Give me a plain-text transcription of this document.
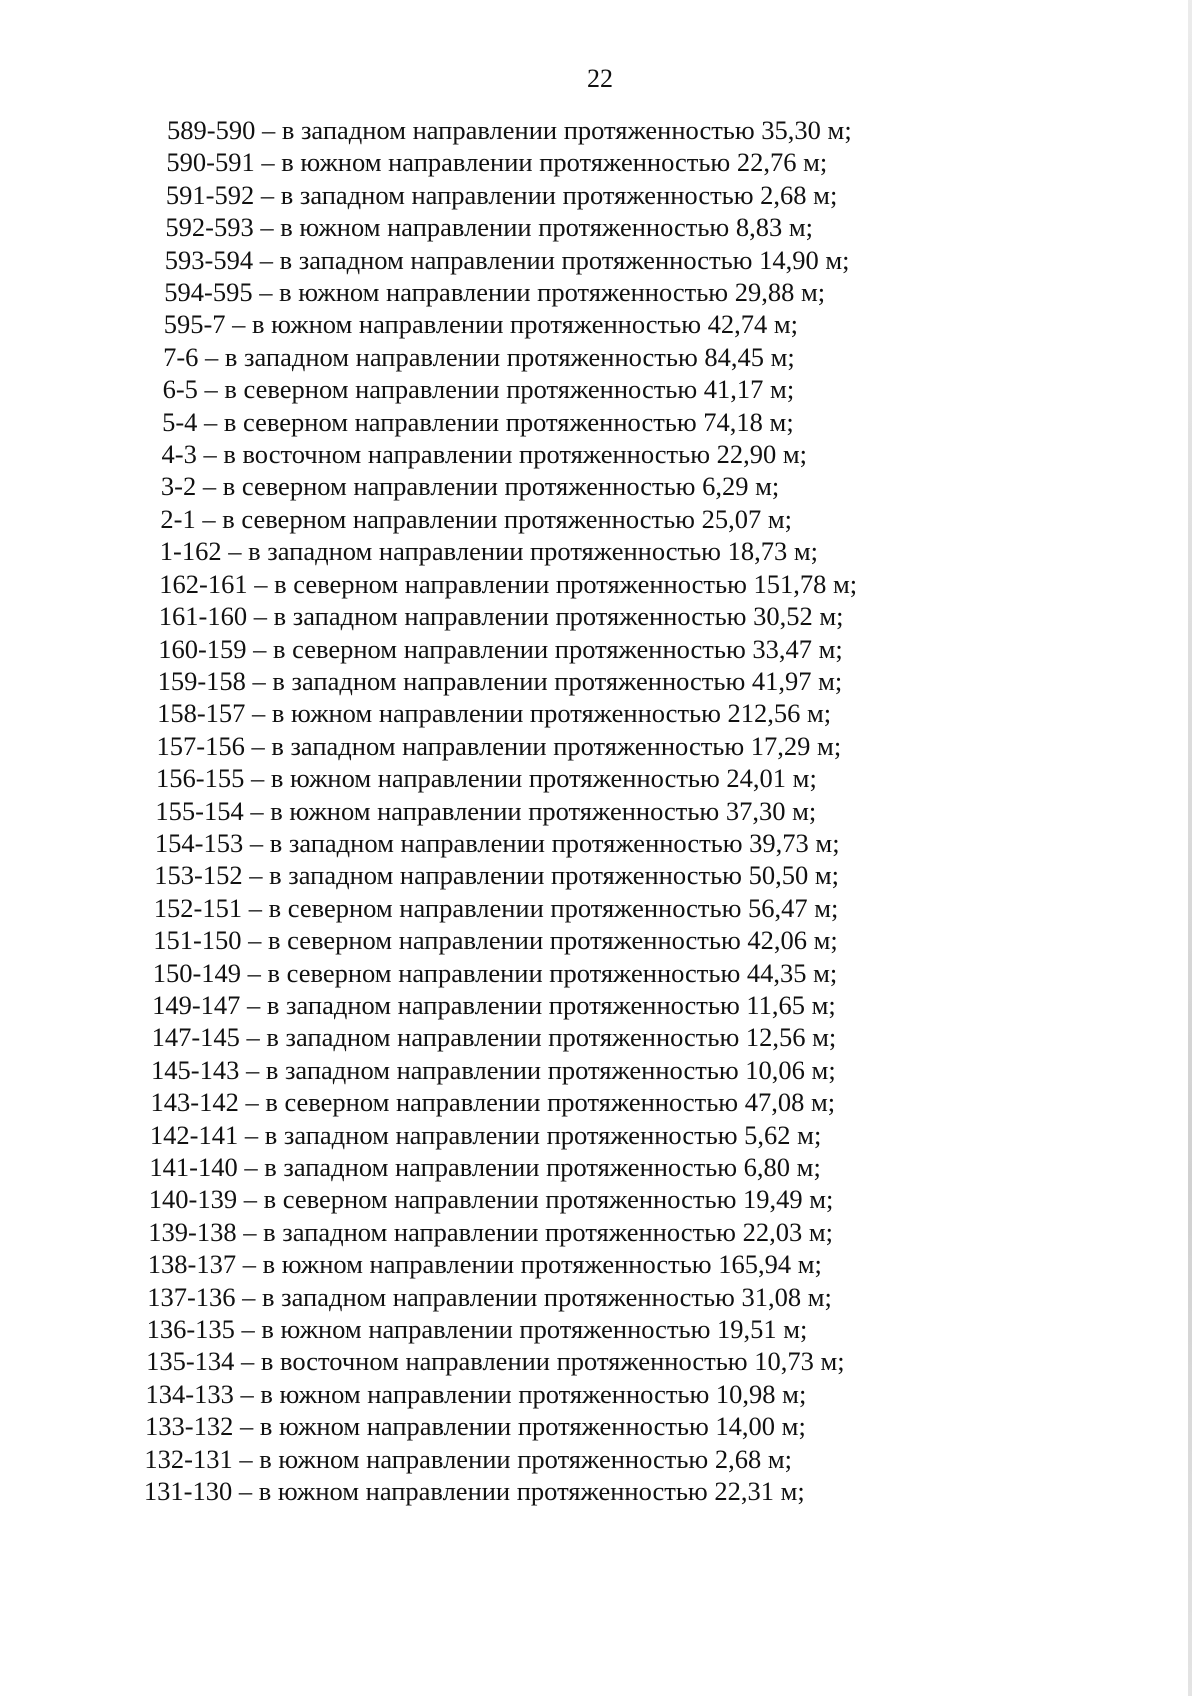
22
589-590 – в западном направлении протяженностью 35,30 м;
590-591 – в южном направлении протяженностью 22,76 м;
591-592 – в западном направлении протяженностью 2,68 м;
592-593 – в южном направлении протяженностью 8,83 м;
593-594 – в западном направлении протяженностью 14,90 м;
594-595 – в южном направлении протяженностью 29,88 м;
595-7 – в южном направлении протяженностью 42,74 м;
7-6 – в западном направлении протяженностью 84,45 м;
6-5 – в северном направлении протяженностью 41,17 м;
5-4 – в северном направлении протяженностью 74,18 м;
4-3 – в восточном направлении протяженностью 22,90 м;
3-2 – в северном направлении протяженностью 6,29 м;
2-1 – в северном направлении протяженностью 25,07 м;
1-162 – в западном направлении протяженностью 18,73 м;
162-161 – в северном направлении протяженностью 151,78 м;
161-160 – в западном направлении протяженностью 30,52 м;
160-159 – в северном направлении протяженностью 33,47 м;
159-158 – в западном направлении протяженностью 41,97 м;
158-157 – в южном направлении протяженностью 212,56 м;
157-156 – в западном направлении протяженностью 17,29 м;
156-155 – в южном направлении протяженностью 24,01 м;
155-154 – в южном направлении протяженностью 37,30 м;
154-153 – в западном направлении протяженностью 39,73 м;
153-152 – в западном направлении протяженностью 50,50 м;
152-151 – в северном направлении протяженностью 56,47 м;
151-150 – в северном направлении протяженностью 42,06 м;
150-149 – в северном направлении протяженностью 44,35 м;
149-147 – в западном направлении протяженностью 11,65 м;
147-145 – в западном направлении протяженностью 12,56 м;
145-143 – в западном направлении протяженностью 10,06 м;
143-142 – в северном направлении протяженностью 47,08 м;
142-141 – в западном направлении протяженностью 5,62 м;
141-140 – в западном направлении протяженностью 6,80 м;
140-139 – в северном направлении протяженностью 19,49 м;
139-138 – в западном направлении протяженностью 22,03 м;
138-137 – в южном направлении протяженностью 165,94 м;
137-136 – в западном направлении протяженностью 31,08 м;
136-135 – в южном направлении протяженностью 19,51 м;
135-134 – в восточном направлении протяженностью 10,73 м;
134-133 – в южном направлении протяженностью 10,98 м;
133-132 – в южном направлении протяженностью 14,00 м;
132-131 – в южном направлении протяженностью 2,68 м;
131-130 – в южном направлении протяженностью 22,31 м;
